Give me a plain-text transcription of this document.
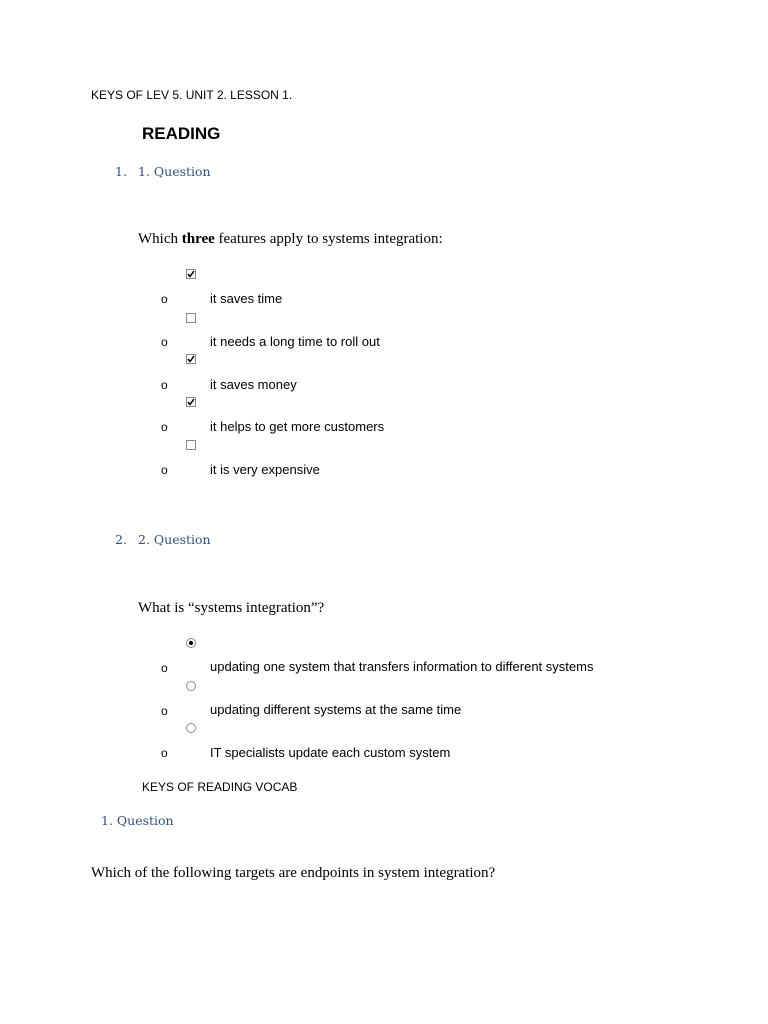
KEYS OF LEV 5. UNIT 2. LESSON 1.
READING
1. 1. Question
Which three features apply to systems integration:
o	it saves time
o	it needs a long time to roll out
o	it saves money
o	it helps to get more customers
o	it is very expensive
2. 2. Question
What is “systems integration”?
o	updating one system that transfers information to different systems
o	updating different systems at the same time
o	IT specialists update each custom system
KEYS OF READING VOCAB
1. Question
Which of the following targets are endpoints in system integration?
